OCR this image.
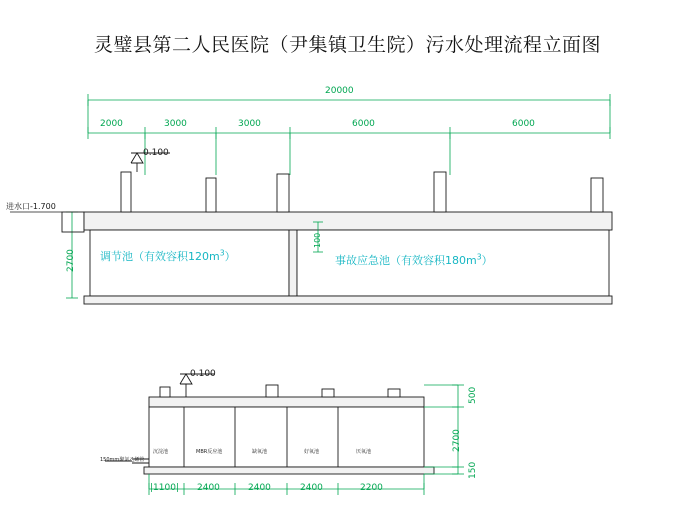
灵璧县第二人民医院（尹集镇卫生院）污水处理流程立面图
20000
2000	3000	3000	6000	6000
0.100
进水口-1.700
2700
100
调节池（有效容积$120m^3$）	事故应急池（有效容积$180m^3$）
0.100
150mm聚氯乙烯管
沉淀池	MBR反应池	缺氧池	好氧池	厌氧池
|1100| 2400	2400	2400	2200
500
2700
150
